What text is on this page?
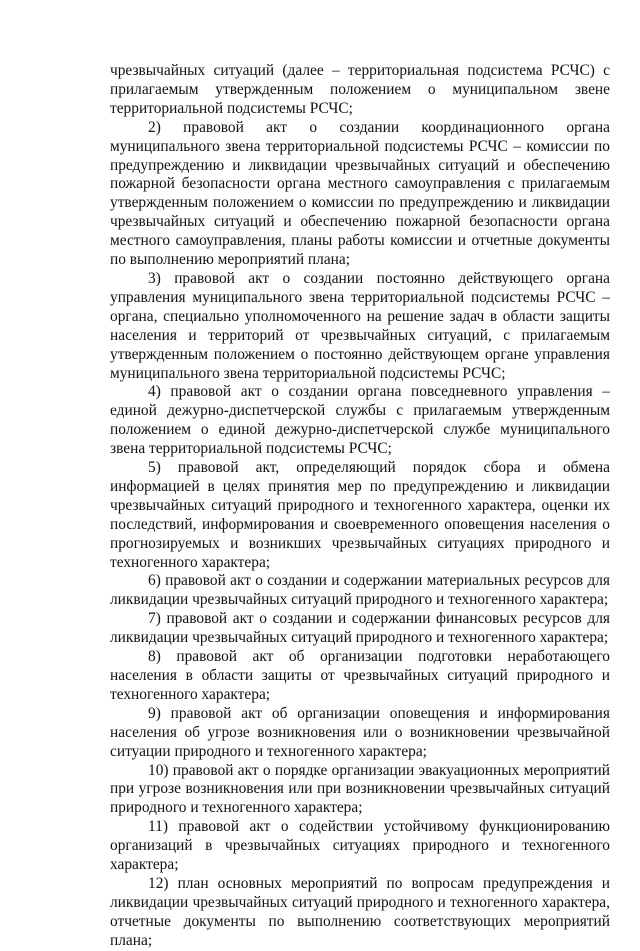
чрезвычайных ситуаций (далее – территориальная подсистема РСЧС) с прилагаемым утвержденным положением о муниципальном звене территориальной подсистемы РСЧС;

2) правовой акт о создании координационного органа муниципального звена территориальной подсистемы РСЧС – комиссии по предупреждению и ликвидации чрезвычайных ситуаций и обеспечению пожарной безопасности органа местного самоуправления с прилагаемым утвержденным положением о комиссии по предупреждению и ликвидации чрезвычайных ситуаций и обеспечению пожарной безопасности органа местного самоуправления, планы работы комиссии и отчетные документы по выполнению мероприятий плана;

3) правовой акт о создании постоянно действующего органа управления муниципального звена территориальной подсистемы РСЧС – органа, специально уполномоченного на решение задач в области защиты населения и территорий от чрезвычайных ситуаций, с прилагаемым утвержденным положением о постоянно действующем органе управления муниципального звена территориальной подсистемы РСЧС;

4) правовой акт о создании органа повседневного управления – единой дежурно-диспетчерской службы с прилагаемым утвержденным положением о единой дежурно-диспетчерской службе муниципального звена территориальной подсистемы РСЧС;

5) правовой акт, определяющий порядок сбора и обмена информацией в целях принятия мер по предупреждению и ликвидации чрезвычайных ситуаций природного и техногенного характера, оценки их последствий, информирования и своевременного оповещения населения о прогнозируемых и возникших чрезвычайных ситуациях природного и техногенного характера;

6) правовой акт о создании и содержании материальных ресурсов для ликвидации чрезвычайных ситуаций природного и техногенного характера;

7) правовой акт о создании и содержании финансовых ресурсов для ликвидации чрезвычайных ситуаций природного и техногенного характера;

8) правовой акт об организации подготовки неработающего населения в области защиты от чрезвычайных ситуаций природного и техногенного характера;

9) правовой акт об организации оповещения и информирования населения об угрозе возникновения или о возникновении чрезвычайной ситуации природного и техногенного характера;

10) правовой акт о порядке организации эвакуационных мероприятий при угрозе возникновения или при возникновении чрезвычайных ситуаций природного и техногенного характера;

11) правовой акт о содействии устойчивому функционированию организаций в чрезвычайных ситуациях природного и техногенного характера;

12) план основных мероприятий по вопросам предупреждения и ликвидации чрезвычайных ситуаций природного и техногенного характера, отчетные документы по выполнению соответствующих мероприятий плана;
